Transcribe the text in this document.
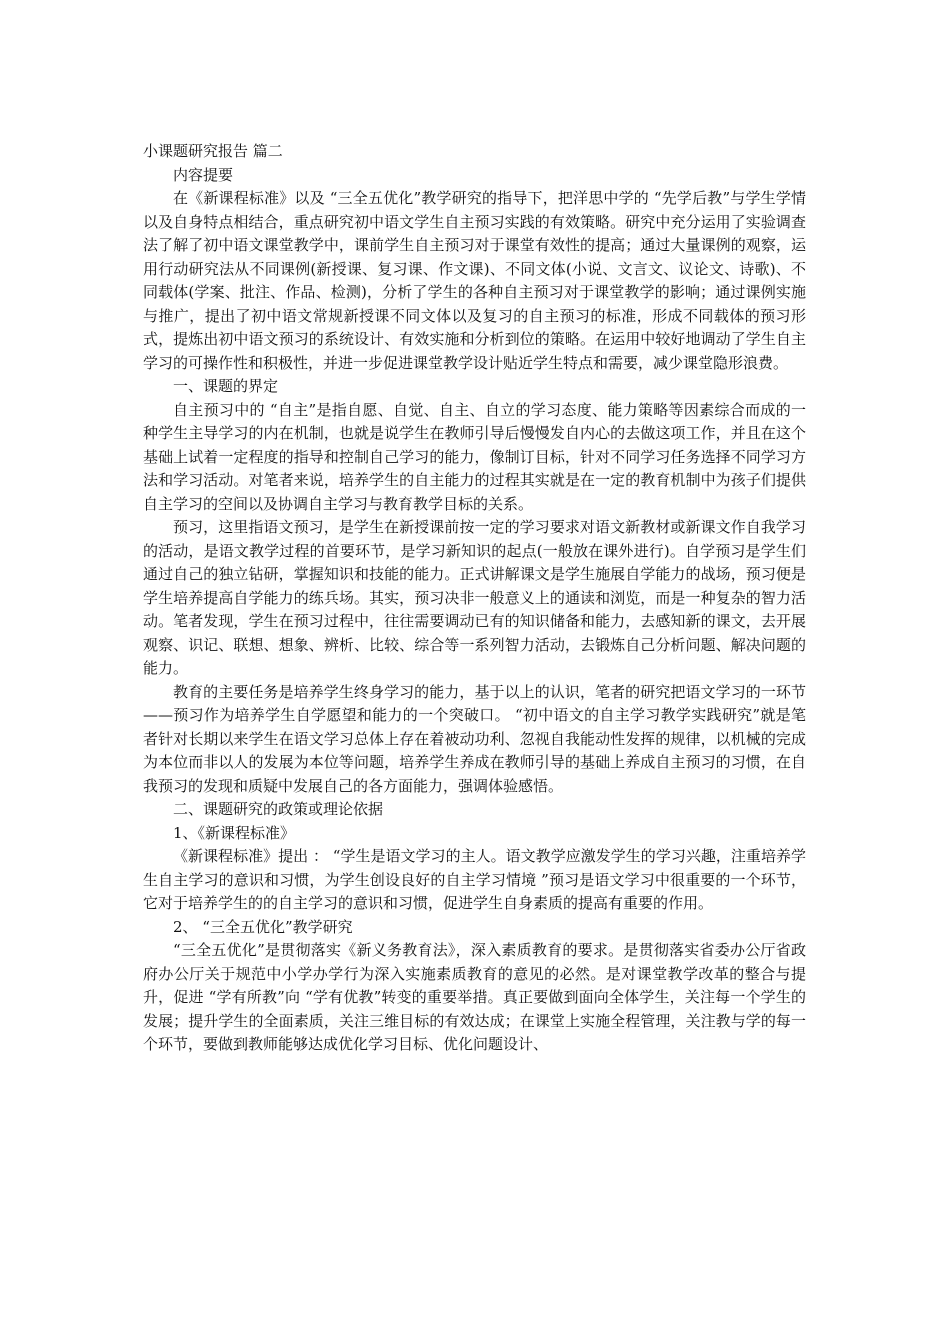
小课题研究报告 篇二

内容提要

在《新课程标准》以及 “三全五优化”教学研究的指导下，把洋思中学的 “先学后教”与学生学情以及自身特点相结合，重点研究初中语文学生自主预习实践的有效策略。研究中充分运用了实验调查法了解了初中语文课堂教学中，课前学生自主预习对于课堂有效性的提高；通过大量课例的观察，运用行动研究法从不同课例(新授课、复习课、作文课)、不同文体(小说、文言文、议论文、诗歌)、不同载体(学案、批注、作品、检测)，分析了学生的各种自主预习对于课堂教学的影响；通过课例实施与推广，提出了初中语文常规新授课不同文体以及复习的自主预习的标准，形成不同载体的预习形式，提炼出初中语文预习的系统设计、有效实施和分析到位的策略。在运用中较好地调动了学生自主学习的可操作性和积极性，并进一步促进课堂教学设计贴近学生特点和需要，减少课堂隐形浪费。

一、课题的界定

自主预习中的 “自主”是指自愿、自觉、自主、自立的学习态度、能力策略等因素综合而成的一种学生主导学习的内在机制，也就是说学生在教师引导后慢慢发自内心的去做这项工作，并且在这个基础上试着一定程度的指导和控制自己学习的能力，像制订目标，针对不同学习任务选择不同学习方法和学习活动。对笔者来说，培养学生的自主能力的过程其实就是在一定的教育机制中为孩子们提供自主学习的空间以及协调自主学习与教育教学目标的关系。

预习，这里指语文预习，是学生在新授课前按一定的学习要求对语文新教材或新课文作自我学习的活动，是语文教学过程的首要环节，是学习新知识的起点(一般放在课外进行)。自学预习是学生们通过自己的独立钻研，掌握知识和技能的能力。正式讲解课文是学生施展自学能力的战场，预习便是学生培养提高自学能力的练兵场。其实，预习决非一般意义上的通读和浏览，而是一种复杂的智力活动。笔者发现，学生在预习过程中，往往需要调动已有的知识储备和能力，去感知新的课文，去开展观察、识记、联想、想象、辨析、比较、综合等一系列智力活动，去锻炼自己分析问题、解决问题的能力。

教育的主要任务是培养学生终身学习的能力，基于以上的认识，笔者的研究把语文学习的一环节——预习作为培养学生自学愿望和能力的一个突破口。 “初中语文的自主学习教学实践研究”就是笔者针对长期以来学生在语文学习总体上存在着被动功利、忽视自我能动性发挥的规律，以机械的完成为本位而非以人的发展为本位等问题，培养学生养成在教师引导的基础上养成自主预习的习惯，在自我预习的发现和质疑中发展自己的各方面能力，强调体验感悟。

二、课题研究的政策或理论依据

1、《新课程标准》

《新课程标准》提出 ： “学生是语文学习的主人。语文教学应激发学生的学习兴趣，注重培养学生自主学习的意识和习惯，为学生创设良好的自主学习情境 ”预习是语文学习中很重要的一个环节，它对于培养学生的的自主学习的意识和习惯，促进学生自身素质的提高有重要的作用。

2、 “三全五优化”教学研究

“三全五优化”是贯彻落实《新义务教育法》，深入素质教育的要求。是贯彻落实省委办公厅省政府办公厅关于规范中小学办学行为深入实施素质教育的意见的必然。是对课堂教学改革的整合与提升，促进 “学有所教”向 “学有优教”转变的重要举措。真正要做到面向全体学生，关注每一个学生的发展；提升学生的全面素质，关注三维目标的有效达成；在课堂上实施全程管理，关注教与学的每一个环节，要做到教师能够达成优化学习目标、优化问题设计、
